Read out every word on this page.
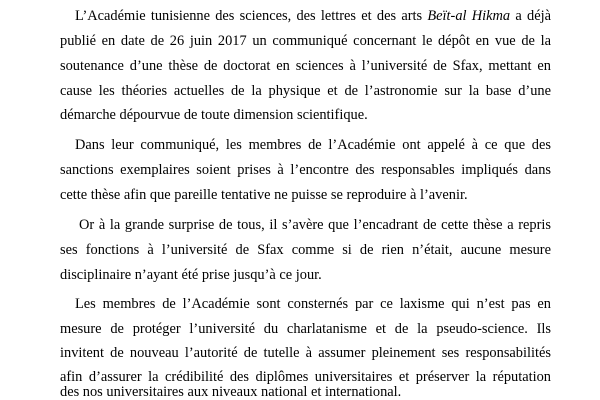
L’Académie tunisienne des sciences, des lettres et des arts Beït-al Hikma a déjà
publié en date de 26 juin 2017 un communiqué concernant le dépôt en vue de la
soutenance d’une thèse de doctorat en sciences à l’université de Sfax, mettant en
cause les théories actuelles de la physique et de l’astronomie sur la base d’une
démarche dépourvue de toute dimension scientifique.
Dans leur communiqué, les membres de l’Académie ont appelé à ce que des
sanctions exemplaires soient prises à l’encontre des responsables impliqués dans
cette thèse afin que pareille tentative ne puisse se reproduire à l’avenir.
Or à la grande surprise de tous, il s’avère que l’encadrant de cette thèse a repris
ses fonctions à l’université de Sfax comme si de rien n’était, aucune mesure
disciplinaire n’ayant été prise jusqu’à ce jour.
Les membres de l’Académie sont consternés par ce laxisme qui n’est pas en
mesure de protéger l’université du charlatanisme et de la pseudo-science. Ils
invitent de nouveau l’autorité de tutelle à assumer pleinement ses responsabilités
afin d’assurer la crédibilité des diplômes universitaires et préserver la réputation
des nos universitaires aux niveaux national et international.
